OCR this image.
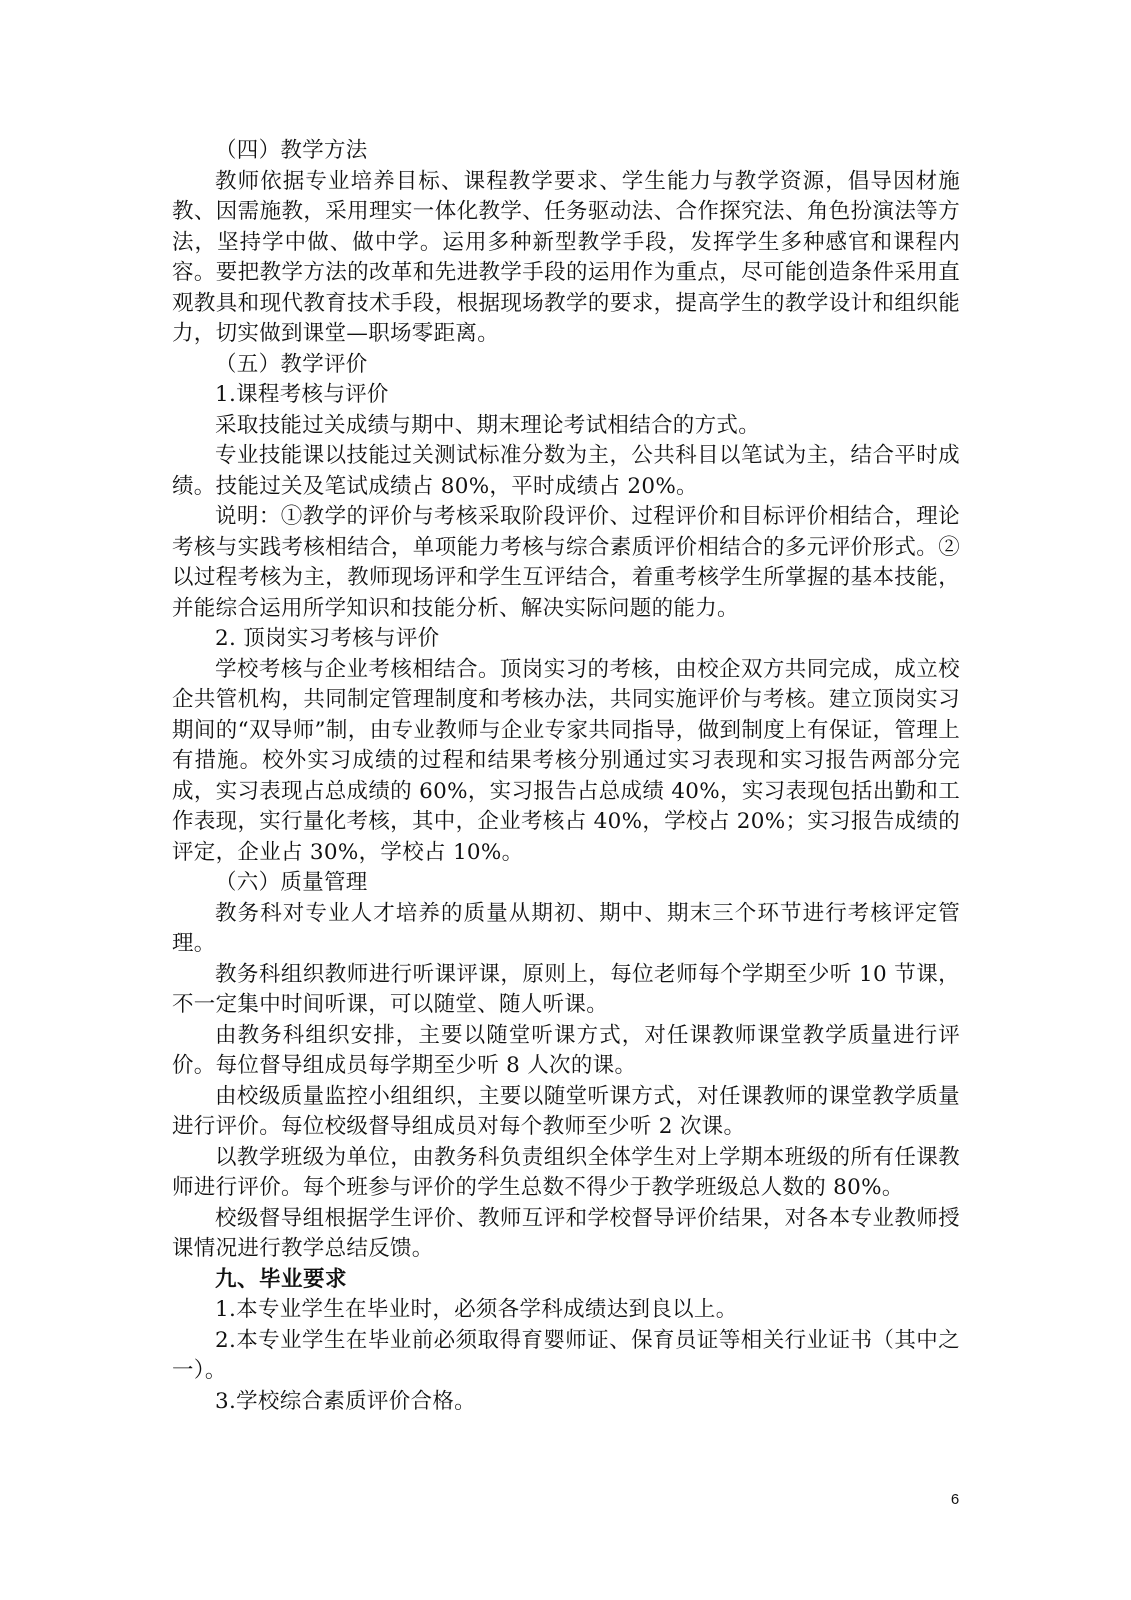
（四）教学方法

教师依据专业培养目标、课程教学要求、学生能力与教学资源，倡导因材施教、因需施教，采用理实一体化教学、任务驱动法、合作探究法、角色扮演法等方法，坚持学中做、做中学。运用多种新型教学手段，发挥学生多种感官和课程内容。要把教学方法的改革和先进教学手段的运用作为重点，尽可能创造条件采用直观教具和现代教育技术手段，根据现场教学的要求，提高学生的教学设计和组织能力，切实做到课堂—职场零距离。

（五）教学评价

1.课程考核与评价

采取技能过关成绩与期中、期末理论考试相结合的方式。

专业技能课以技能过关测试标准分数为主，公共科目以笔试为主，结合平时成绩。技能过关及笔试成绩占 80%，平时成绩占 20%。

说明：①教学的评价与考核采取阶段评价、过程评价和目标评价相结合，理论考核与实践考核相结合，单项能力考核与综合素质评价相结合的多元评价形式。②以过程考核为主，教师现场评和学生互评结合，着重考核学生所掌握的基本技能，并能综合运用所学知识和技能分析、解决实际问题的能力。

2. 顶岗实习考核与评价

学校考核与企业考核相结合。顶岗实习的考核，由校企双方共同完成，成立校企共管机构，共同制定管理制度和考核办法，共同实施评价与考核。建立顶岗实习期间的“双导师”制，由专业教师与企业专家共同指导，做到制度上有保证，管理上有措施。校外实习成绩的过程和结果考核分别通过实习表现和实习报告两部分完成，实习表现占总成绩的 60%，实习报告占总成绩 40%，实习表现包括出勤和工作表现，实行量化考核，其中，企业考核占 40%，学校占 20%；实习报告成绩的评定，企业占 30%，学校占 10%。

（六）质量管理

教务科对专业人才培养的质量从期初、期中、期末三个环节进行考核评定管理。

教务科组织教师进行听课评课，原则上，每位老师每个学期至少听 10 节课，不一定集中时间听课，可以随堂、随人听课。

由教务科组织安排，主要以随堂听课方式，对任课教师课堂教学质量进行评价。每位督导组成员每学期至少听 8 人次的课。

由校级质量监控小组组织，主要以随堂听课方式，对任课教师的课堂教学质量进行评价。每位校级督导组成员对每个教师至少听 2 次课。

以教学班级为单位，由教务科负责组织全体学生对上学期本班级的所有任课教师进行评价。每个班参与评价的学生总数不得少于教学班级总人数的 80%。

校级督导组根据学生评价、教师互评和学校督导评价结果，对各本专业教师授课情况进行教学总结反馈。

九、毕业要求

1.本专业学生在毕业时，必须各学科成绩达到良以上。

2.本专业学生在毕业前必须取得育婴师证、保育员证等相关行业证书（其中之一）。

3.学校综合素质评价合格。

6
